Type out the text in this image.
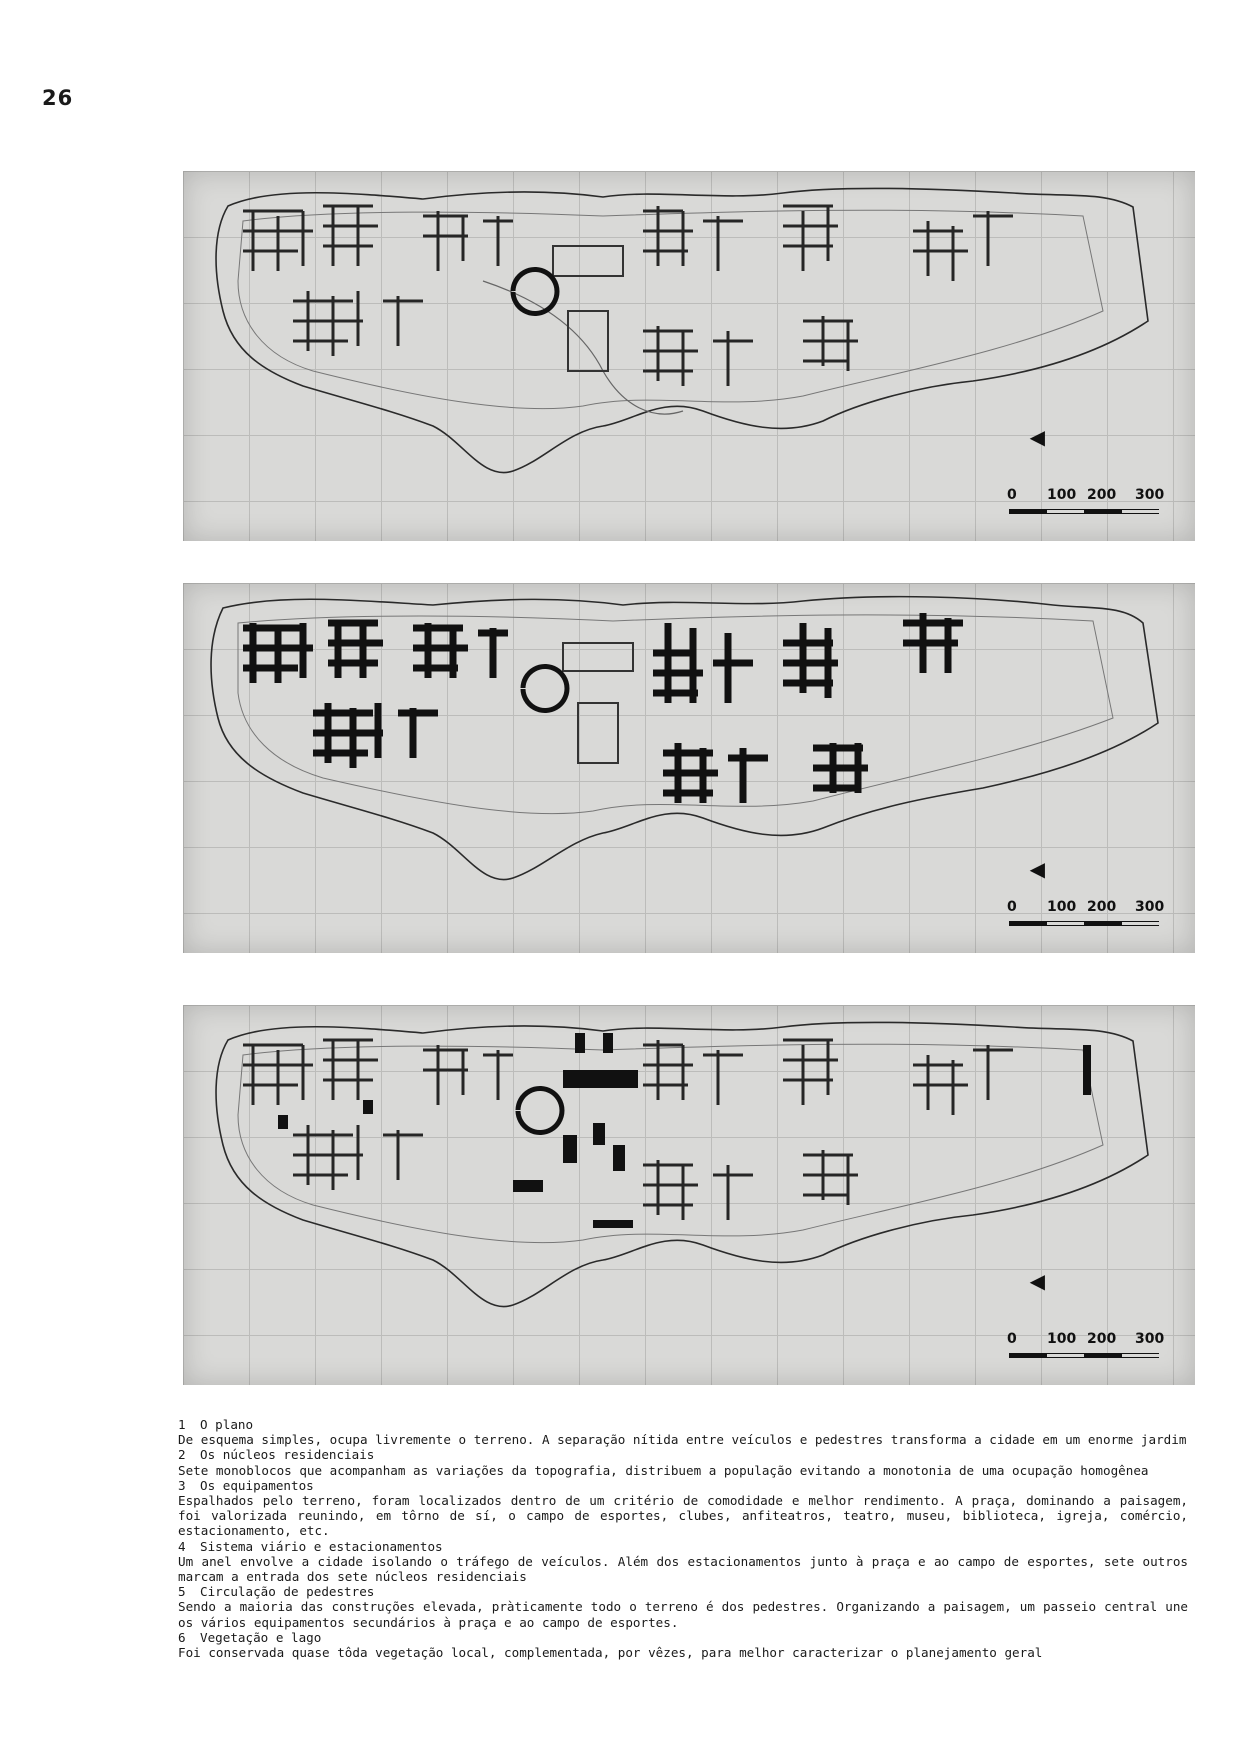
26
◀
0 100 200 300
◀
0 100 200 300
◀
0 100 200 300
1 O plano
De esquema simples, ocupa livremente o terreno. A separação nítida entre veículos e pedestres transforma a cidade em um enorme jardim
2 Os núcleos residenciais
Sete monoblocos que acompanham as variações da topografia, distribuem a população evitando a monotonia de uma ocupação homogênea
3 Os equipamentos
Espalhados pelo terreno, foram localizados dentro de um critério de comodidade e melhor rendimento. A praça, dominando a paisagem, foi valorizada reunindo, em tôrno de sí, o campo de esportes, clubes, anfiteatros, teatro, museu, biblioteca, igreja, comércio, estacionamento, etc.
4 Sistema viário e estacionamentos
Um anel envolve a cidade isolando o tráfego de veículos. Além dos estacionamentos junto à praça e ao campo de esportes, sete outros marcam a entrada dos sete núcleos residenciais
5 Circulação de pedestres
Sendo a maioria das construções elevada, pràticamente todo o terreno é dos pedestres. Organizando a paisagem, um passeio central une os vários equipamentos secundários à praça e ao campo de esportes.
6 Vegetação e lago
Foi conservada quase tôda vegetação local, complementada, por vêzes, para melhor caracterizar o planejamento geral
